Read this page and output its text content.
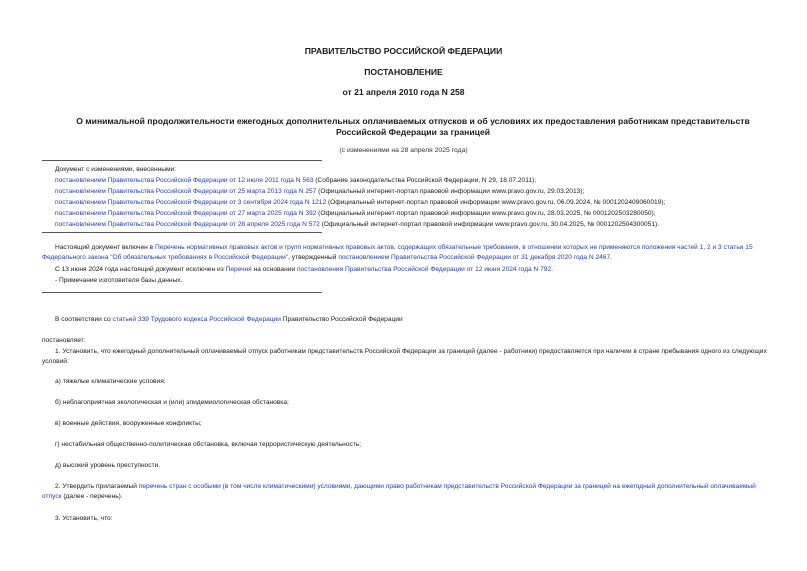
ПРАВИТЕЛЬСТВО РОССИЙСКОЙ ФЕДЕРАЦИИ
ПОСТАНОВЛЕНИЕ
от 21 апреля 2010 года N 258
О минимальной продолжительности ежегодных дополнительных оплачиваемых отпусков и об условиях их предоставления работникам представительств Российской Федерации за границей
(с изменениями на 28 апреля 2025 года)
Документ с изменениями, внесенными:
постановлением Правительства Российской Федерации от 12 июля 2011 года N 563 (Собрание законодательства Российской Федерации, N 29, 18.07.2011);
постановлением Правительства Российской Федерации от 25 марта 2013 года N 257 (Официальный интернет-портал правовой информации www.pravo.gov.ru, 29.03.2013);
постановлением Правительства Российской Федерации от 3 сентября 2024 года N 1212 (Официальный интернет-портал правовой информации www.pravo.gov.ru, 06.09.2024, № 0001202409060019);
постановлением Правительства Российской Федерации от 27 марта 2025 года N 392 (Официальный интернет-портал правовой информации www.pravo.gov.ru, 28.03.2025, № 0001202503280050);
постановлением Правительства Российской Федерации от 28 апреля 2025 года N 572 (Официальный интернет-портал правовой информации www.pravo.gov.ru, 30.04.2025, № 0001202504300051).
Настоящий документ включен в Перечень нормативных правовых актов и групп нормативных правовых актов, содержащих обязательные требования, в отношении которых не применяются положения частей 1, 2 и 3 статьи 15 Федерального закона "Об обязательных требованиях в Российской Федерации", утвержденный постановлением Правительства Российской Федерации от 31 декабря 2020 года N 2467.
С 13 июня 2024 года настоящий документ исключен из Перечня на основании постановления Правительства Российской Федерации от 12 июня 2024 года N 792.
- Примечание изготовителя базы данных.
В соответствии со статьей 339 Трудового кодекса Российской Федерации Правительство Российской Федерации
постановляет:
1. Установить, что ежегодный дополнительный оплачиваемый отпуск работникам представительств Российской Федерации за границей (далее - работники) предоставляется при наличии в стране пребывания одного из следующих условий:
а) тяжелые климатические условия;
б) неблагоприятная экологическая и (или) эпидемиологическая обстановка;
в) военные действия, вооруженные конфликты;
г) нестабильная общественно-политическая обстановка, включая террористическую деятельность;
д) высокий уровень преступности.
2. Утвердить прилагаемый перечень стран с особыми (в том числе климатическими) условиями, дающими право работникам представительств Российской Федерации за границей на ежегодный дополнительный оплачиваемый отпуск (далее - перечень).
3. Установить, что:
